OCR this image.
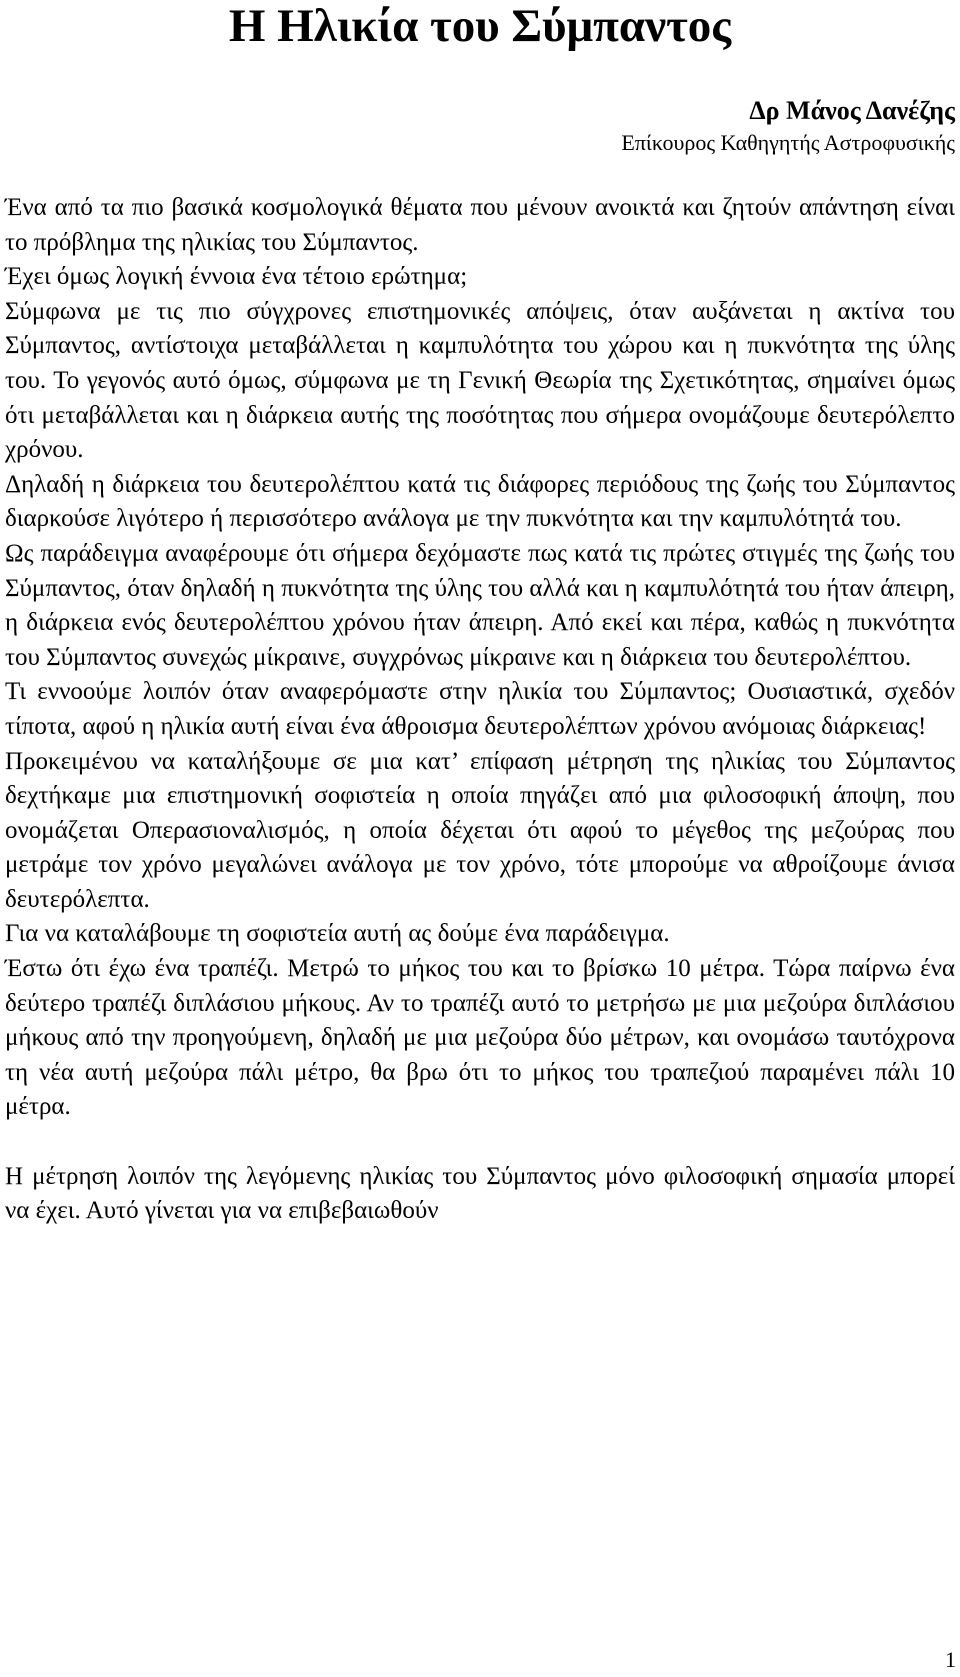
Η Ηλικία του Σύμπαντος
Δρ Μάνος Δανέζης
Επίκουρος Καθηγητής Αστροφυσικής

Ένα από τα πιο βασικά κοσμολογικά θέματα που μένουν ανοικτά και ζητούν απάντηση είναι το πρόβλημα της ηλικίας του Σύμπαντος.

Έχει όμως λογική έννοια ένα τέτοιο ερώτημα;

Σύμφωνα με τις πιο σύγχρονες επιστημονικές απόψεις, όταν αυξάνεται η ακτίνα του Σύμπαντος, αντίστοιχα μεταβάλλεται η καμπυλότητα του χώρου και η πυκνότητα της ύλης του. Το γεγονός αυτό όμως, σύμφωνα με τη Γενική Θεωρία της Σχετικότητας, σημαίνει όμως ότι μεταβάλλεται και η διάρκεια αυτής της ποσότητας που σήμερα ονομάζουμε δευτερόλεπτο χρόνου.

Δηλαδή η διάρκεια του δευτερολέπτου κατά τις διάφορες περιόδους της ζωής του Σύμπαντος διαρκούσε λιγότερο ή περισσότερο ανάλογα με την πυκνότητα και την καμπυλότητά του.

Ως παράδειγμα αναφέρουμε ότι σήμερα δεχόμαστε πως κατά τις πρώτες στιγμές της ζωής του Σύμπαντος, όταν δηλαδή η πυκνότητα της ύλης του αλλά και η καμπυλότητά του ήταν άπειρη, η διάρκεια ενός δευτερολέπτου χρόνου ήταν άπειρη. Από εκεί και πέρα, καθώς η πυκνότητα του Σύμπαντος συνεχώς μίκραινε, συγχρόνως μίκραινε και η διάρκεια του δευτερολέπτου.

Τι εννοούμε λοιπόν όταν αναφερόμαστε στην ηλικία του Σύμπαντος; Ουσιαστικά, σχεδόν τίποτα, αφού η ηλικία αυτή είναι ένα άθροισμα δευτερολέπτων χρόνου ανόμοιας διάρκειας!

Προκειμένου να καταλήξουμε σε μια κατ’ επίφαση μέτρηση της ηλικίας του Σύμπαντος δεχτήκαμε μια επιστημονική σοφιστεία η οποία πηγάζει από μια φιλοσοφική άποψη, που ονομάζεται Οπερασιοναλισμός, η οποία δέχεται ότι αφού το μέγεθος της μεζούρας που μετράμε τον χρόνο μεγαλώνει ανάλογα με τον χρόνο, τότε μπορούμε να αθροίζουμε άνισα δευτερόλεπτα.

Για να καταλάβουμε τη σοφιστεία αυτή ας δούμε ένα παράδειγμα.

Έστω ότι έχω ένα τραπέζι. Μετρώ το μήκος του και το βρίσκω 10 μέτρα. Τώρα παίρνω ένα δεύτερο τραπέζι διπλάσιου μήκους. Αν το τραπέζι αυτό το μετρήσω με μια μεζούρα διπλάσιου μήκους από την προηγούμενη, δηλαδή με μια μεζούρα δύο μέτρων, και ονομάσω ταυτόχρονα τη νέα αυτή μεζούρα πάλι μέτρο, θα βρω ότι το μήκος του τραπεζιού παραμένει πάλι 10 μέτρα.

Η μέτρηση λοιπόν της λεγόμενης ηλικίας του Σύμπαντος μόνο φιλοσοφική σημασία μπορεί να έχει. Αυτό γίνεται για να επιβεβαιωθούν

1
